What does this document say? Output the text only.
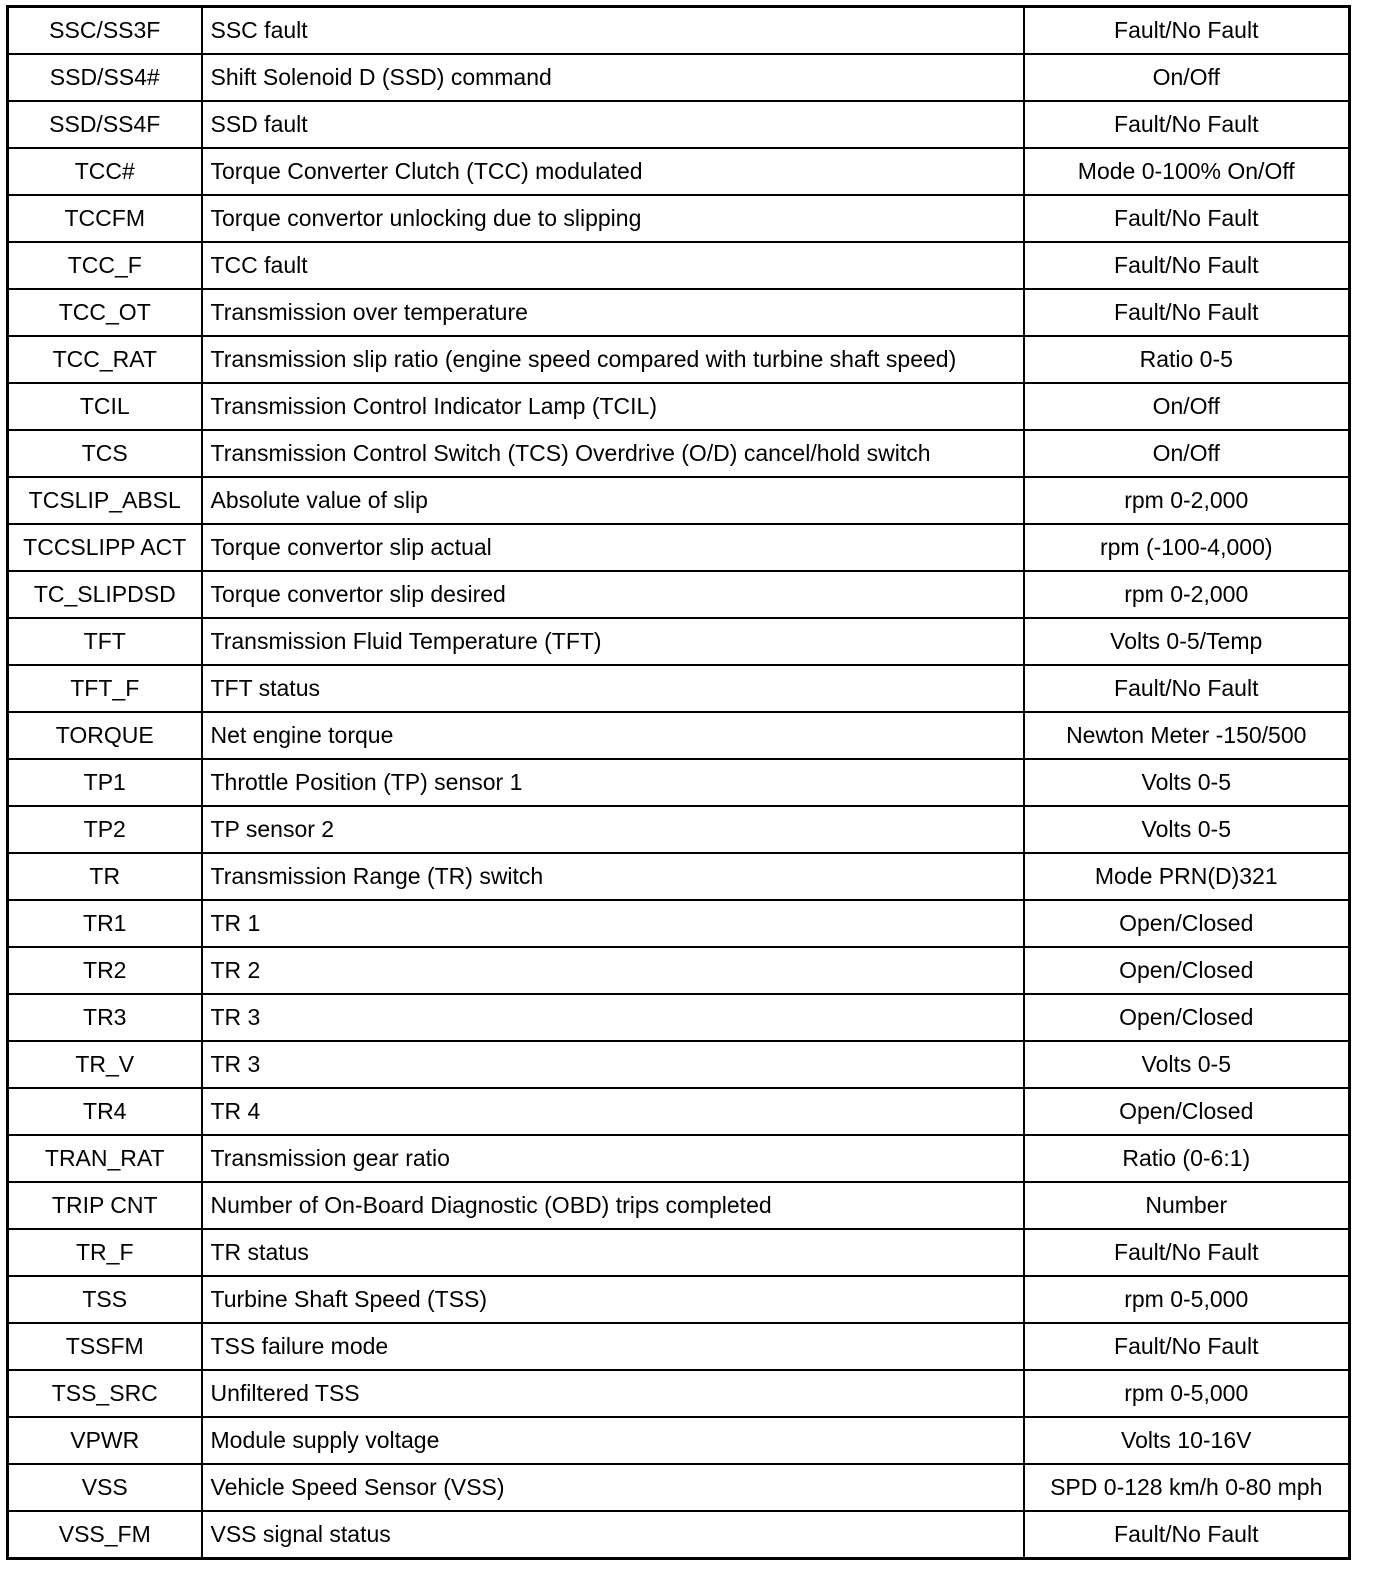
SSC/SS3F	SSC fault	Fault/No Fault
SSD/SS4#	Shift Solenoid D (SSD) command	On/Off
SSD/SS4F	SSD fault	Fault/No Fault
TCC#	Torque Converter Clutch (TCC) modulated	Mode 0-100% On/Off
TCCFM	Torque convertor unlocking due to slipping	Fault/No Fault
TCC_F	TCC fault	Fault/No Fault
TCC_OT	Transmission over temperature	Fault/No Fault
TCC_RAT	Transmission slip ratio (engine speed compared with turbine shaft speed)	Ratio 0-5
TCIL	Transmission Control Indicator Lamp (TCIL)	On/Off
TCS	Transmission Control Switch (TCS) Overdrive (O/D) cancel/hold switch	On/Off
TCSLIP_ABSL	Absolute value of slip	rpm 0-2,000
TCCSLIPP ACT	Torque convertor slip actual	rpm (-100-4,000)
TC_SLIPDSD	Torque convertor slip desired	rpm 0-2,000
TFT	Transmission Fluid Temperature (TFT)	Volts 0-5/Temp
TFT_F	TFT status	Fault/No Fault
TORQUE	Net engine torque	Newton Meter -150/500
TP1	Throttle Position (TP) sensor 1	Volts 0-5
TP2	TP sensor 2	Volts 0-5
TR	Transmission Range (TR) switch	Mode PRN(D)321
TR1	TR 1	Open/Closed
TR2	TR 2	Open/Closed
TR3	TR 3	Open/Closed
TR_V	TR 3	Volts 0-5
TR4	TR 4	Open/Closed
TRAN_RAT	Transmission gear ratio	Ratio (0-6:1)
TRIP CNT	Number of On-Board Diagnostic (OBD) trips completed	Number
TR_F	TR status	Fault/No Fault
TSS	Turbine Shaft Speed (TSS)	rpm 0-5,000
TSSFM	TSS failure mode	Fault/No Fault
TSS_SRC	Unfiltered TSS	rpm 0-5,000
VPWR	Module supply voltage	Volts 10-16V
VSS	Vehicle Speed Sensor (VSS)	SPD 0-128 km/h 0-80 mph
VSS_FM	VSS signal status	Fault/No Fault
